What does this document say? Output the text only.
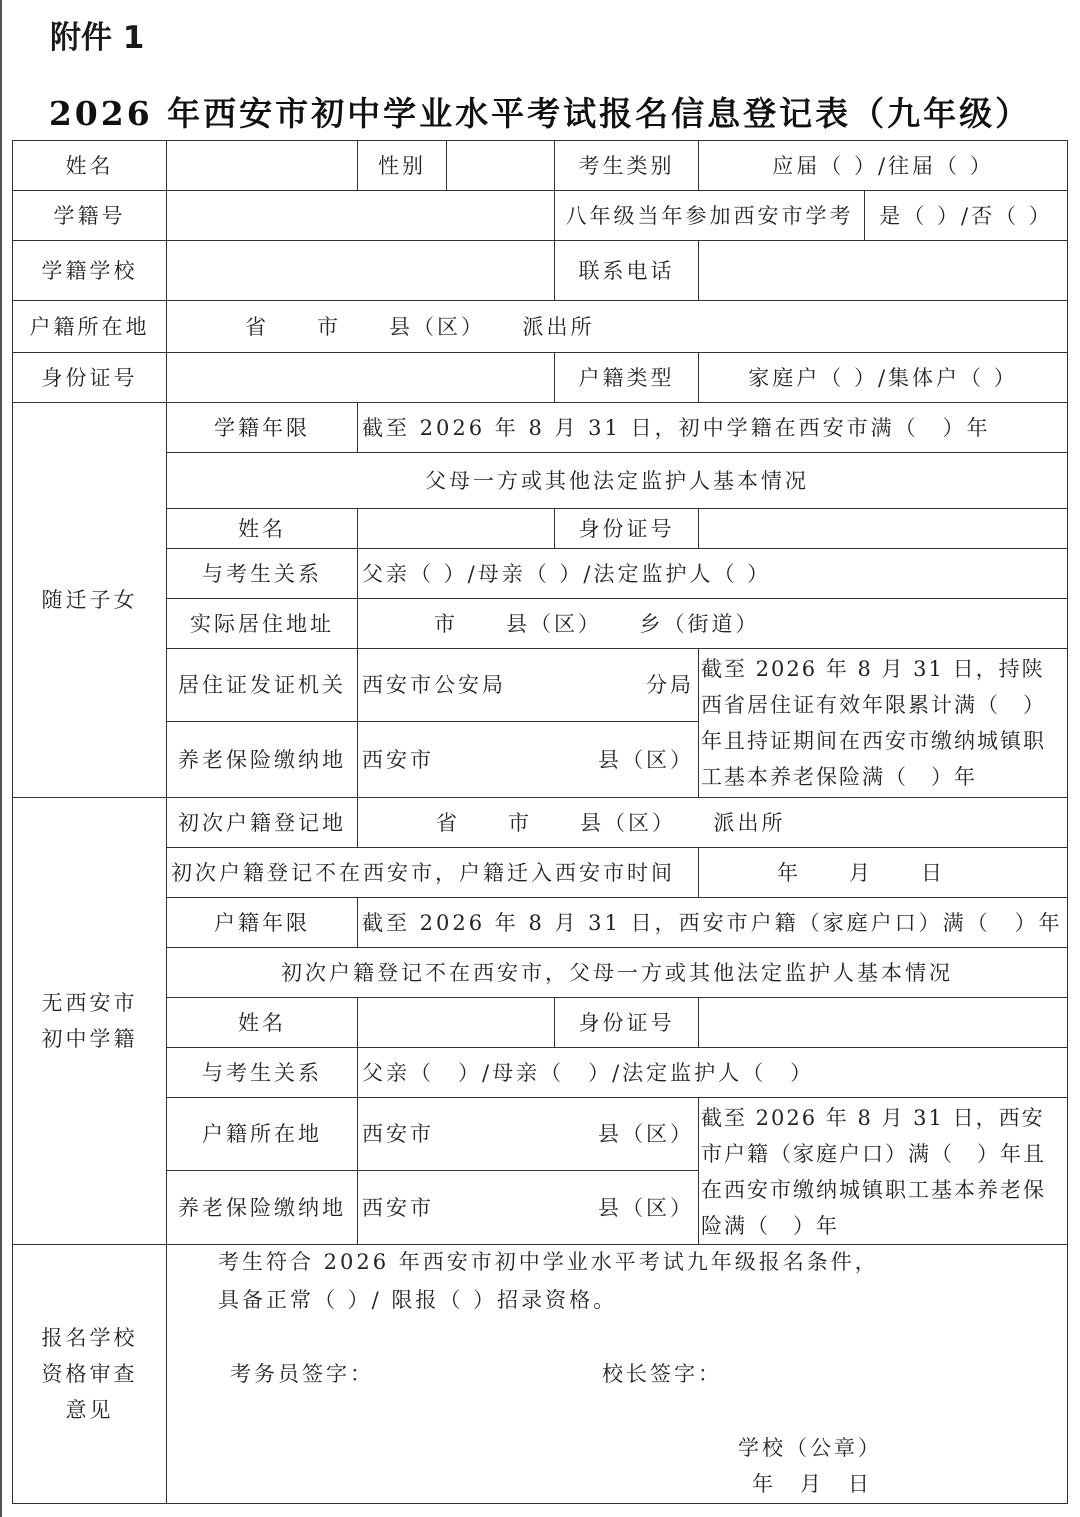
附件 1
2026 年西安市初中学业水平考试报名信息登记表（九年级）
姓名	性别	考生类别	应届（ ）/往届（ ）
学籍号	八年级当年参加西安市学考 是（ ）/否（ ）
学籍学校	联系电话
户籍所在地	省　　市　　县（区）　　派出所
身份证号	户籍类型	家庭户（ ）/集体户（ ）
随迁子女
学籍年限 截至 2026 年 8 月 31 日，初中学籍在西安市满（　）年
父母一方或其他法定监护人基本情况
姓名	身份证号
与考生关系 父亲（ ）/母亲（ ）/法定监护人（ ）
实际居住地址	市　　县（区）　　乡（街道）
居住证发证机关 西安市公安局	分局
养老保险缴纳地 西安市	县（区）
截至 2026 年 8 月 31 日，持陕西省居住证有效年限累计满（　）年且持证期间在西安市缴纳城镇职工基本养老保险满（　）年
无西安市初中学籍
初次户籍登记地	省　　市　　县（区）　　派出所
初次户籍登记不在西安市，户籍迁入西安市时间	年　　月　　日
户籍年限 截至 2026 年 8 月 31 日，西安市户籍（家庭户口）满（　）年
初次户籍登记不在西安市，父母一方或其他法定监护人基本情况
姓名	身份证号
与考生关系 父亲（　）/母亲（　）/法定监护人（　）
户籍所在地 西安市	县（区）
养老保险缴纳地 西安市	县（区）
截至 2026 年 8 月 31 日，西安市户籍（家庭户口）满（　）年且在西安市缴纳城镇职工基本养老保险满（　）年
报名学校资格审查意见
考生符合 2026 年西安市初中学业水平考试九年级报名条件，
具备正常（ ）/ 限报（ ）招录资格。
考务员签字：	校长签字：
学校（公章）
年　月　日
